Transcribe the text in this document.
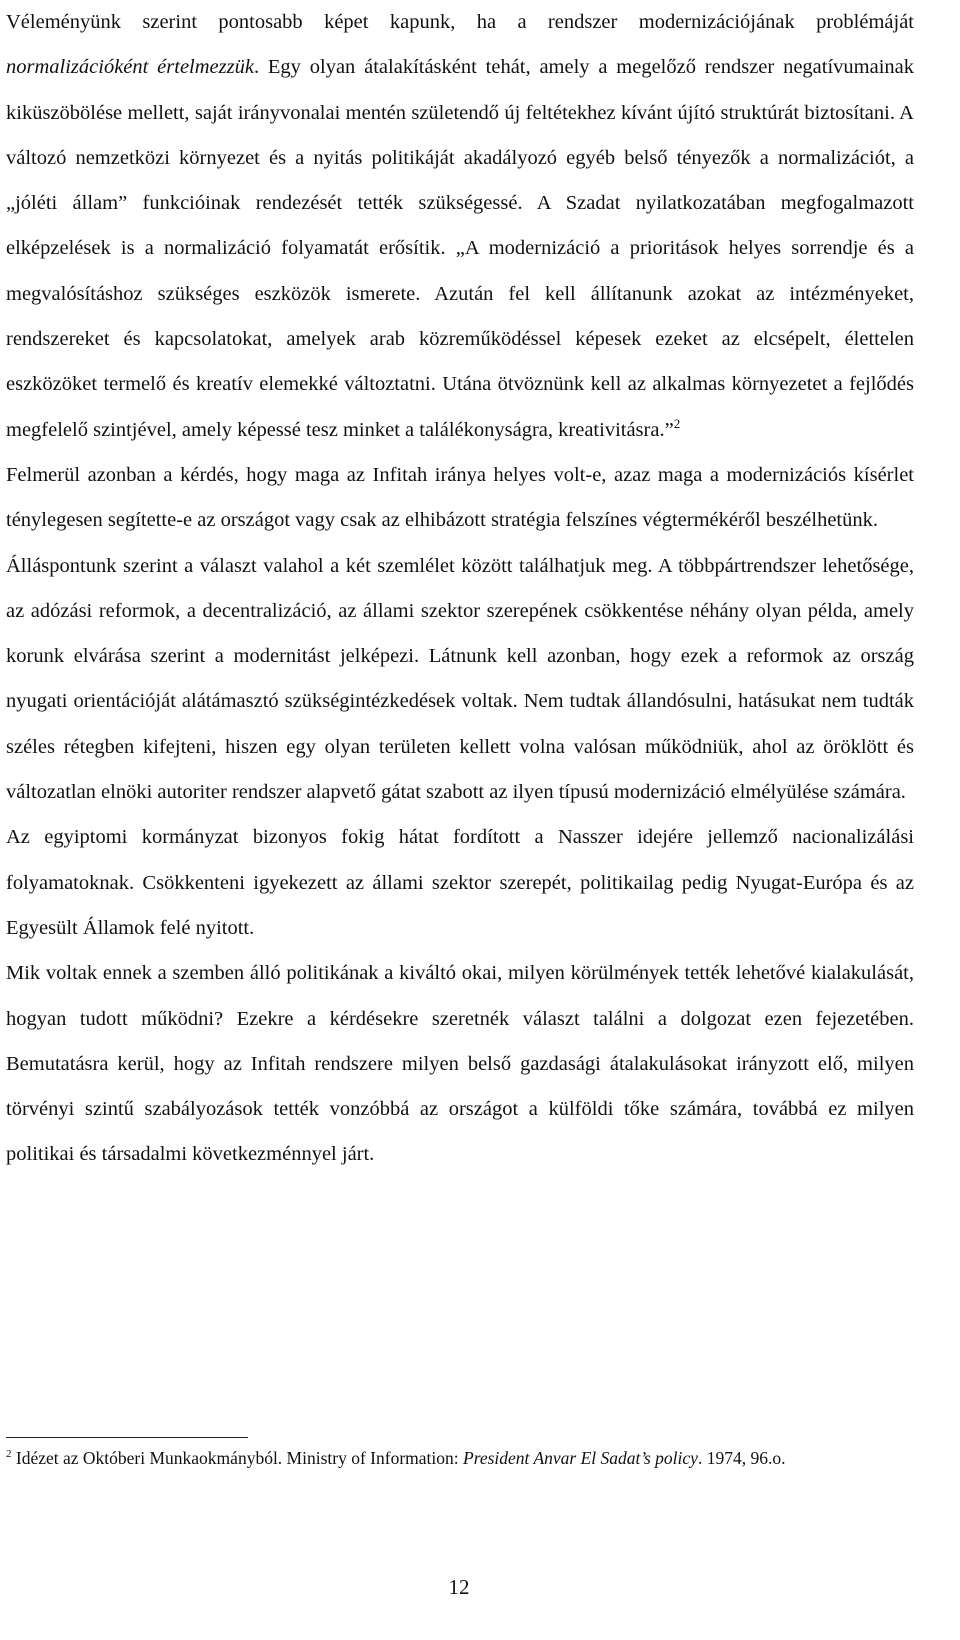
Véleményünk szerint pontosabb képet kapunk, ha a rendszer modernizációjának problémáját normalizációként értelmezzük. Egy olyan átalakításként tehát, amely a megelőző rendszer negatívumainak kiküszöbölése mellett, saját irányvonalai mentén születendő új feltétekhez kívánt újító struktúrát biztosítani. A változó nemzetközi környezet és a nyitás politikáját akadályozó egyéb belső tényezők a normalizációt, a „jóléti állam” funkcióinak rendezését tették szükségessé. A Szadat nyilatkozatában megfogalmazott elképzelések is a normalizáció folyamatát erősítik. „A modernizáció a prioritások helyes sorrendje és a megvalósításhoz szükséges eszközök ismerete. Azután fel kell állítanunk azokat az intézményeket, rendszereket és kapcsolatokat, amelyek arab közreműködéssel képesek ezeket az elcsépelt, élettelen eszközöket termelő és kreatív elemekké változtatni. Utána ötvöznünk kell az alkalmas környezetet a fejlődés megfelelő szintjével, amely képessé tesz minket a találékonyságra, kreativitásra.”$^2$

Felmerül azonban a kérdés, hogy maga az Infitah iránya helyes volt-e, azaz maga a modernizációs kísérlet ténylegesen segítette-e az országot vagy csak az elhibázott stratégia felszínes végtermékéről beszélhetünk.

Álláspontunk szerint a választ valahol a két szemlélet között találhatjuk meg. A többpártrendszer lehetősége, az adózási reformok, a decentralizáció, az állami szektor szerepének csökkentése néhány olyan példa, amely korunk elvárása szerint a modernitást jelképezi. Látnunk kell azonban, hogy ezek a reformok az ország nyugati orientációját alátámasztó szükségintézkedések voltak. Nem tudtak állandósulni, hatásukat nem tudták széles rétegben kifejteni, hiszen egy olyan területen kellett volna valósan működniük, ahol az öröklött és változatlan elnöki autoriter rendszer alapvető gátat szabott az ilyen típusú modernizáció elmélyülése számára.

Az egyiptomi kormányzat bizonyos fokig hátat fordított a Nasszer idejére jellemző nacionalizálási folyamatoknak. Csökkenteni igyekezett az állami szektor szerepét, politikailag pedig Nyugat-Európa és az Egyesült Államok felé nyitott.

Mik voltak ennek a szemben álló politikának a kiváltó okai, milyen körülmények tették lehetővé kialakulását, hogyan tudott működni? Ezekre a kérdésekre szeretnék választ találni a dolgozat ezen fejezetében. Bemutatásra kerül, hogy az Infitah rendszere milyen belső gazdasági átalakulásokat irányzott elő, milyen törvényi szintű szabályozások tették vonzóbbá az országot a külföldi tőke számára, továbbá ez milyen politikai és társadalmi következménnyel járt.

$^2$ Idézet az Októberi Munkaokmányból. Ministry of Information: President Anvar El Sadat’s policy. 1974, 96.o.

12
